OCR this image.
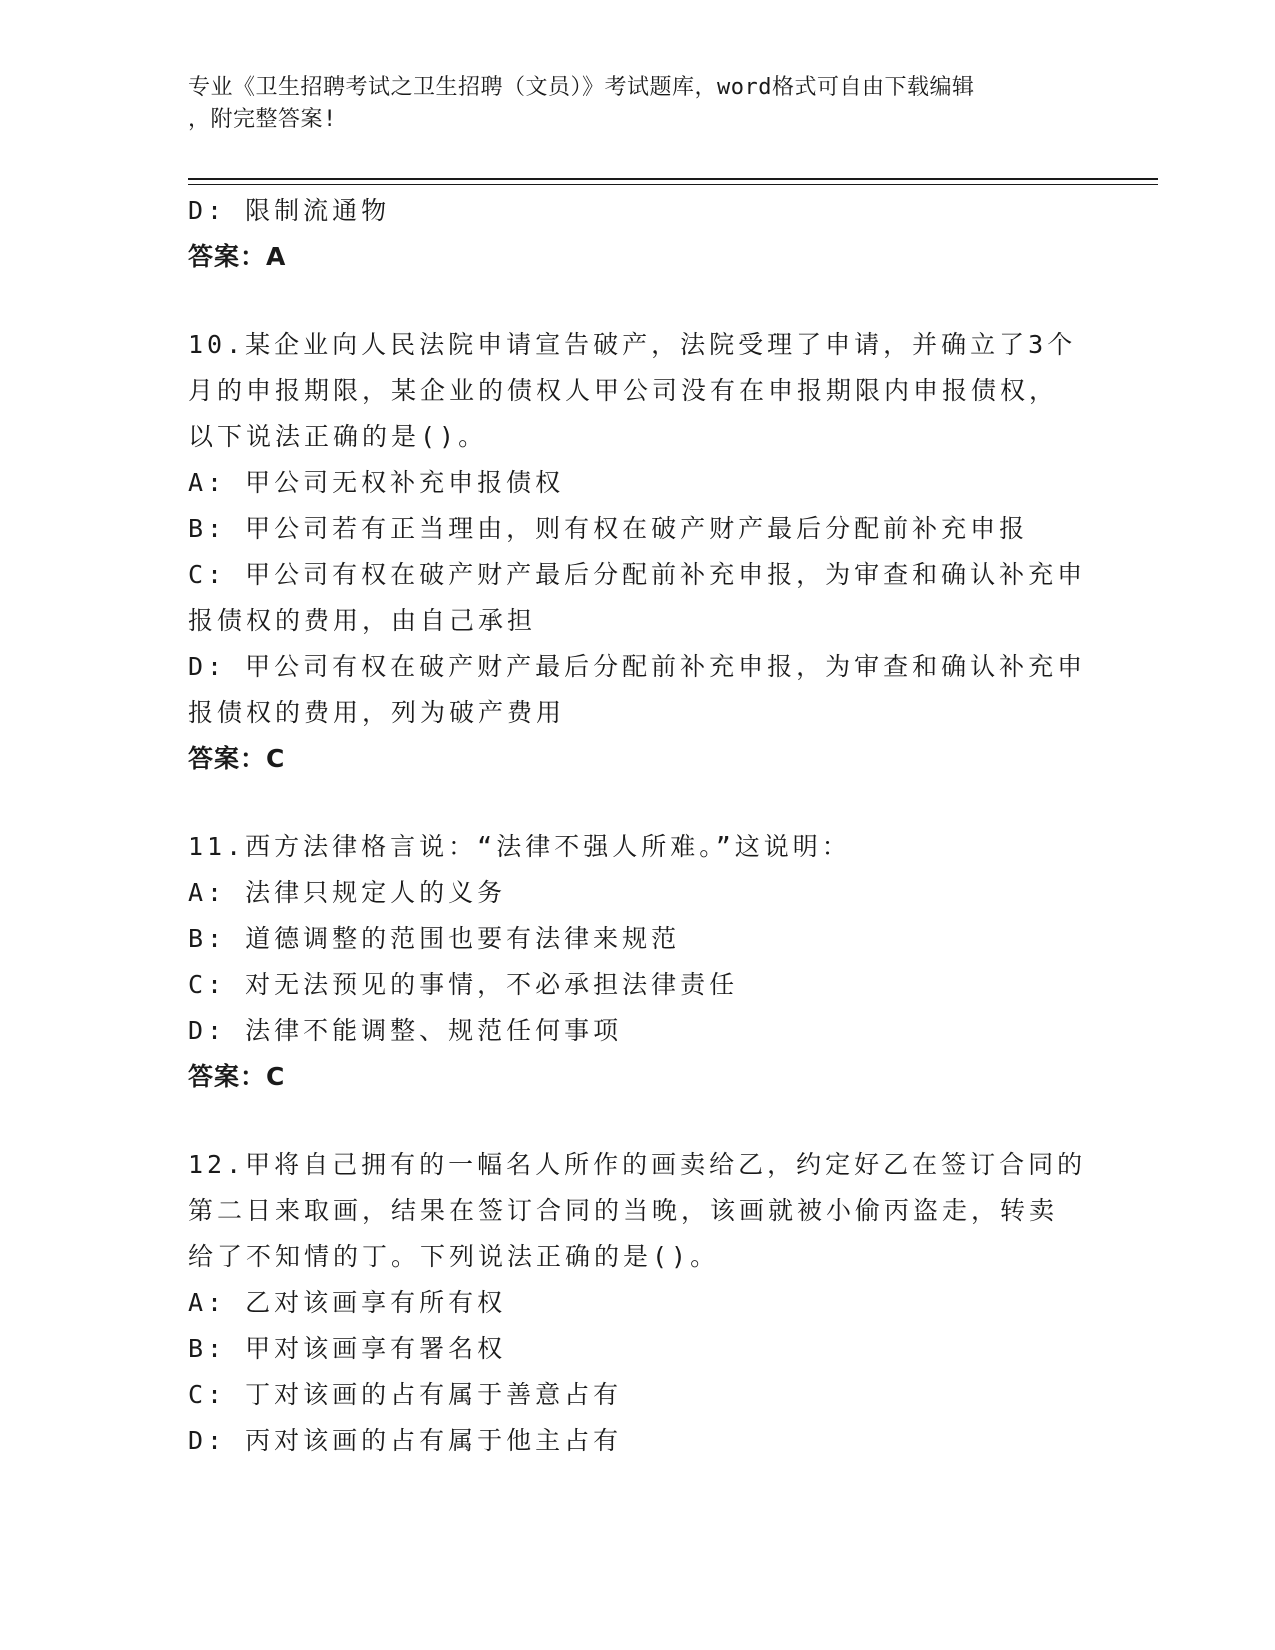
专业《卫生招聘考试之卫生招聘（文员）》考试题库，word格式可自由下载编辑
，附完整答案!
D: 限制流通物
答案：A
10.某企业向人民法院申请宣告破产，法院受理了申请，并确立了3个
月的申报期限，某企业的债权人甲公司没有在申报期限内申报债权，
以下说法正确的是()。
A: 甲公司无权补充申报债权
B: 甲公司若有正当理由，则有权在破产财产最后分配前补充申报
C: 甲公司有权在破产财产最后分配前补充申报，为审查和确认补充申
报债权的费用，由自己承担
D: 甲公司有权在破产财产最后分配前补充申报，为审查和确认补充申
报债权的费用，列为破产费用
答案：C
11.西方法律格言说：“法律不强人所难。”这说明：
A: 法律只规定人的义务
B: 道德调整的范围也要有法律来规范
C: 对无法预见的事情，不必承担法律责任
D: 法律不能调整、规范任何事项
答案：C
12.甲将自己拥有的一幅名人所作的画卖给乙，约定好乙在签订合同的
第二日来取画，结果在签订合同的当晚，该画就被小偷丙盗走，转卖
给了不知情的丁。下列说法正确的是()。
A: 乙对该画享有所有权
B: 甲对该画享有署名权
C: 丁对该画的占有属于善意占有
D: 丙对该画的占有属于他主占有
